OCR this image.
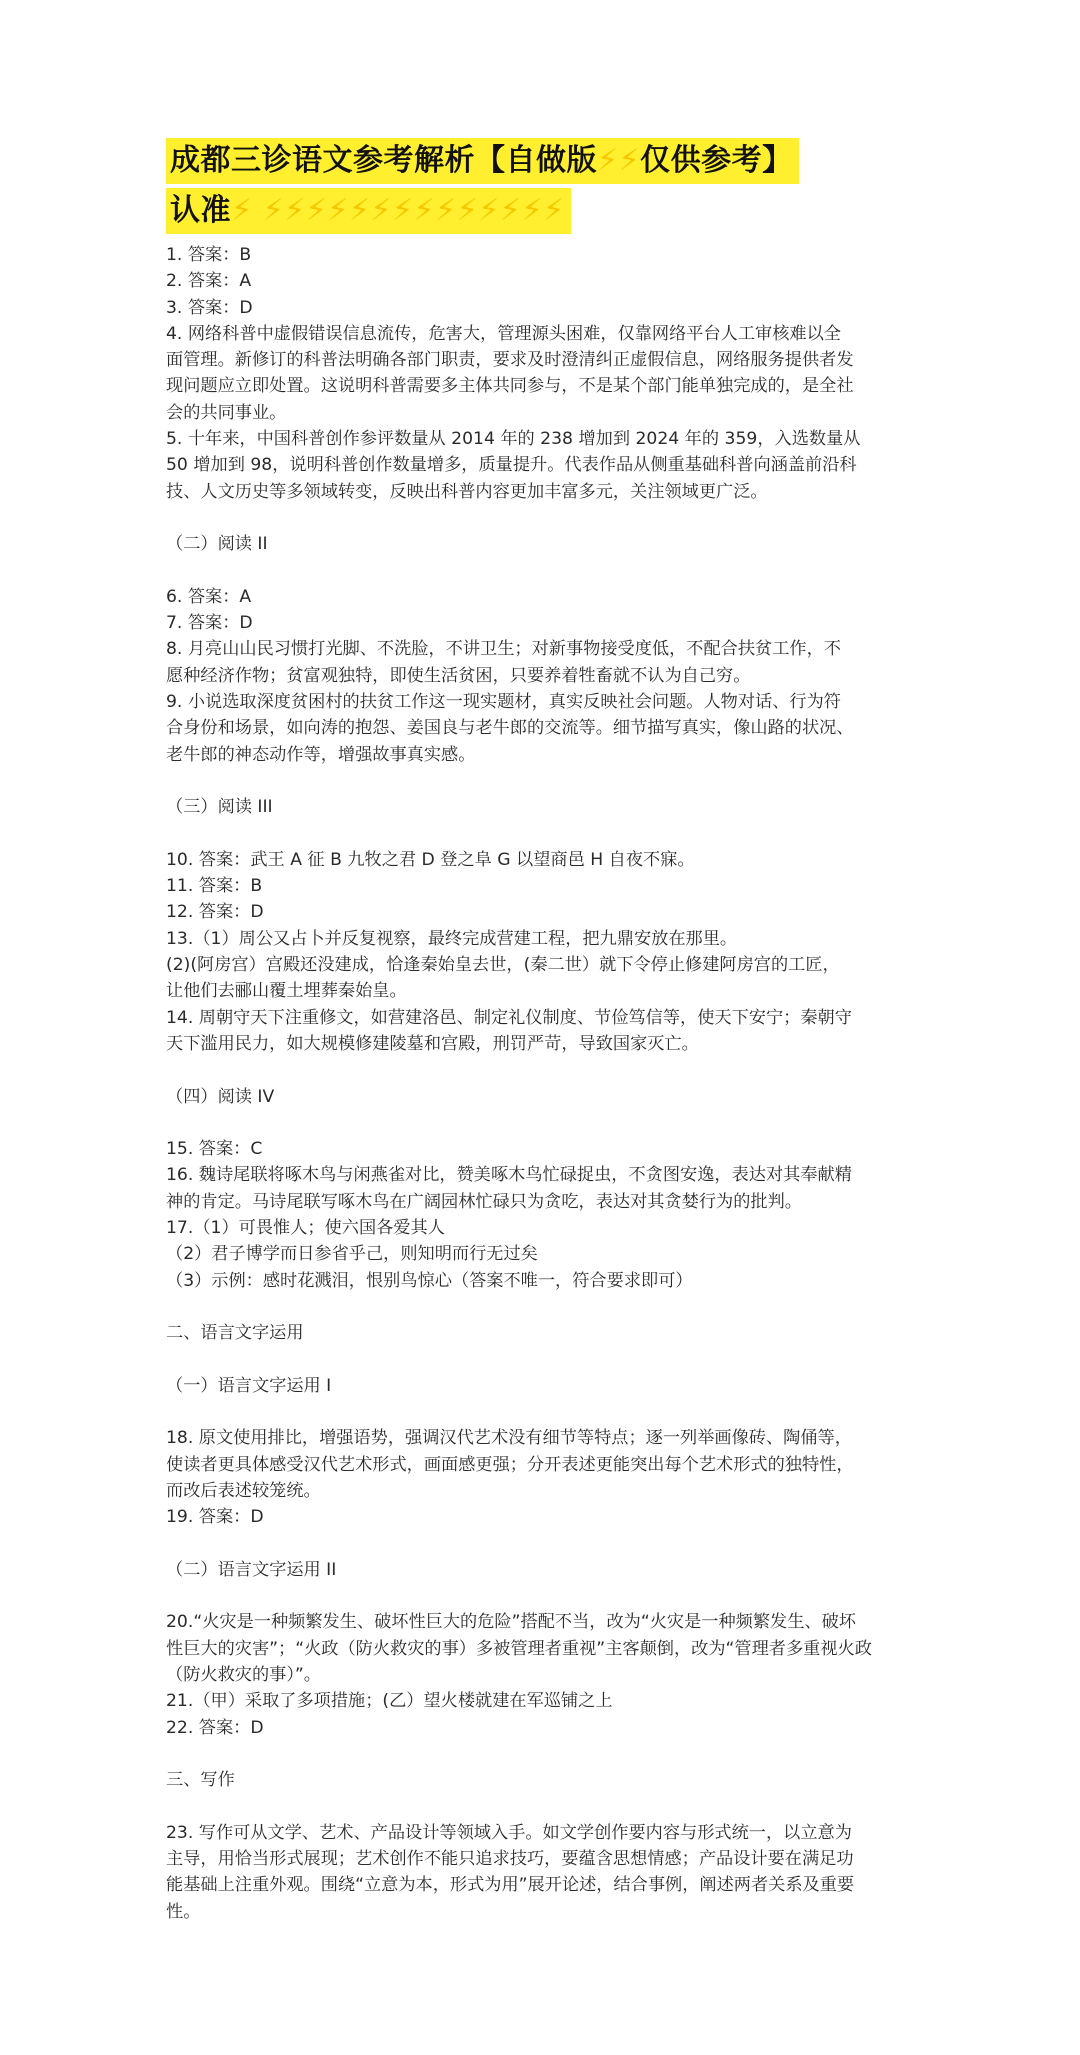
成都三诊语文参考解析【自做版⚡⚡仅供参考】
认准⚡ ⚡⚡⚡⚡⚡⚡⚡⚡⚡⚡⚡⚡⚡⚡
1. 答案：B
2. 答案：A
3. 答案：D
4. 网络科普中虚假错误信息流传，危害大，管理源头困难，仅靠网络平台人工审核难以全
面管理。新修订的科普法明确各部门职责，要求及时澄清纠正虚假信息，网络服务提供者发
现问题应立即处置。这说明科普需要多主体共同参与，不是某个部门能单独完成的，是全社
会的共同事业。
5. 十年来，中国科普创作参评数量从 2014 年的 238 增加到 2024 年的 359，入选数量从
50 增加到 98，说明科普创作数量增多，质量提升。代表作品从侧重基础科普向涵盖前沿科
技、人文历史等多领域转变，反映出科普内容更加丰富多元，关注领域更广泛。
（二）阅读 II
6. 答案：A
7. 答案：D
8. 月亮山山民习惯打光脚、不洗脸，不讲卫生；对新事物接受度低，不配合扶贫工作，不
愿种经济作物；贫富观独特，即使生活贫困，只要养着牲畜就不认为自己穷。
9. 小说选取深度贫困村的扶贫工作这一现实题材，真实反映社会问题。人物对话、行为符
合身份和场景，如向涛的抱怨、姜国良与老牛郎的交流等。细节描写真实，像山路的状况、
老牛郎的神态动作等，增强故事真实感。
（三）阅读 III
10. 答案：武王 A 征 B 九牧之君 D 登之阜 G 以望商邑 H 自夜不寐。
11. 答案：B
12. 答案：D
13.（1）周公又占卜并反复视察，最终完成营建工程，把九鼎安放在那里。
(2)(阿房宫）宫殿还没建成，恰逢秦始皇去世，(秦二世）就下令停止修建阿房宫的工匠，
让他们去郦山覆土埋葬秦始皇。
14. 周朝守天下注重修文，如营建洛邑、制定礼仪制度、节俭笃信等，使天下安宁；秦朝守
天下滥用民力，如大规模修建陵墓和宫殿，刑罚严苛，导致国家灭亡。
（四）阅读 IV
15. 答案：C
16. 魏诗尾联将啄木鸟与闲燕雀对比，赞美啄木鸟忙碌捉虫，不贪图安逸，表达对其奉献精
神的肯定。马诗尾联写啄木鸟在广阔园林忙碌只为贪吃，表达对其贪婪行为的批判。
17.（1）可畏惟人；使六国各爱其人
（2）君子博学而日参省乎己，则知明而行无过矣
（3）示例：感时花溅泪，恨别鸟惊心（答案不唯一，符合要求即可）
二、语言文字运用
（一）语言文字运用 I
18. 原文使用排比，增强语势，强调汉代艺术没有细节等特点；逐一列举画像砖、陶俑等，
使读者更具体感受汉代艺术形式，画面感更强；分开表述更能突出每个艺术形式的独特性，
而改后表述较笼统。
19. 答案：D
（二）语言文字运用 II
20.“火灾是一种频繁发生、破坏性巨大的危险”搭配不当，改为“火灾是一种频繁发生、破坏
性巨大的灾害”；“火政（防火救灾的事）多被管理者重视”主客颠倒，改为“管理者多重视火政
（防火救灾的事）”。
21.（甲）采取了多项措施；(乙）望火楼就建在军巡铺之上
22. 答案：D
三、写作
23. 写作可从文学、艺术、产品设计等领域入手。如文学创作要内容与形式统一，以立意为
主导，用恰当形式展现；艺术创作不能只追求技巧，要蕴含思想情感；产品设计要在满足功
能基础上注重外观。围绕“立意为本，形式为用”展开论述，结合事例，阐述两者关系及重要
性。
